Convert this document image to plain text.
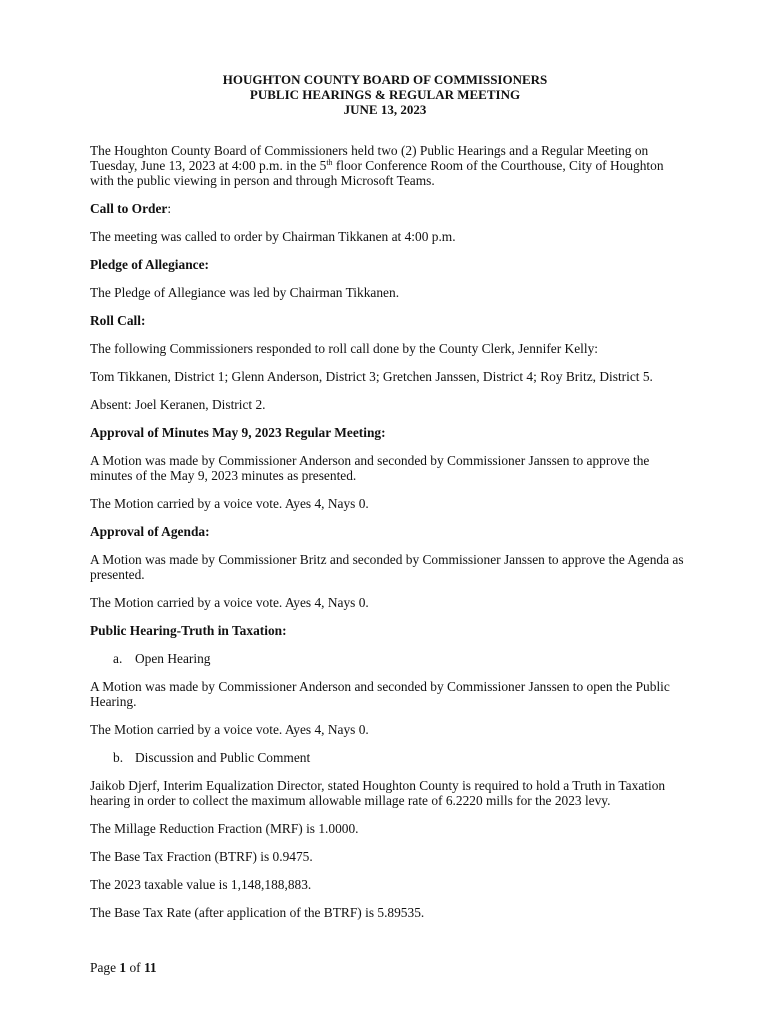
HOUGHTON COUNTY BOARD OF COMMISSIONERS
PUBLIC HEARINGS & REGULAR MEETING
JUNE 13, 2023

The Houghton County Board of Commissioners held two (2) Public Hearings and a Regular Meeting on Tuesday, June 13, 2023 at 4:00 p.m. in the 5th floor Conference Room of the Courthouse, City of Houghton with the public viewing in person and through Microsoft Teams.

Call to Order:

The meeting was called to order by Chairman Tikkanen at 4:00 p.m.

Pledge of Allegiance:

The Pledge of Allegiance was led by Chairman Tikkanen.

Roll Call:

The following Commissioners responded to roll call done by the County Clerk, Jennifer Kelly:

Tom Tikkanen, District 1; Glenn Anderson, District 3; Gretchen Janssen, District 4; Roy Britz, District 5.

Absent: Joel Keranen, District 2.

Approval of Minutes May 9, 2023 Regular Meeting:

A Motion was made by Commissioner Anderson and seconded by Commissioner Janssen to approve the minutes of the May 9, 2023 minutes as presented.

The Motion carried by a voice vote. Ayes 4, Nays 0.

Approval of Agenda:

A Motion was made by Commissioner Britz and seconded by Commissioner Janssen to approve the Agenda as presented.

The Motion carried by a voice vote. Ayes 4, Nays 0.

Public Hearing-Truth in Taxation:
a. Open Hearing

A Motion was made by Commissioner Anderson and seconded by Commissioner Janssen to open the Public Hearing.

The Motion carried by a voice vote. Ayes 4, Nays 0.

b. Discussion and Public Comment

Jaikob Djerf, Interim Equalization Director, stated Houghton County is required to hold a Truth in Taxation hearing in order to collect the maximum allowable millage rate of 6.2220 mills for the 2023 levy.

The Millage Reduction Fraction (MRF) is 1.0000.

The Base Tax Fraction (BTRF) is 0.9475.

The 2023 taxable value is 1,148,188,883.

The Base Tax Rate (after application of the BTRF) is 5.89535.

Page 1 of 11
